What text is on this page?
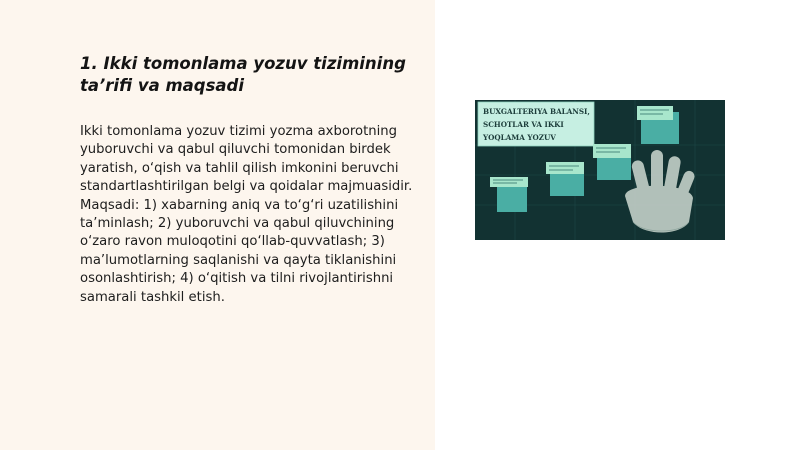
1. Ikki tomonlama yozuv tizimining ta’rifi va maqsadi

Ikki tomonlama yozuv tizimi yozma axborotning yuboruvchi va qabul qiluvchi tomonidan birdek yaratish, o‘qish va tahlil qilish imkonini beruvchi standartlashtirilgan belgi va qoidalar majmuasidir. Maqsadi: 1) xabarning aniq va to‘g‘ri uzatilishini ta’minlash; 2) yuboruvchi va qabul qiluvchining o‘zaro ravon muloqotini qo‘llab-quvvatlash; 3) ma’lumotlarning saqlanishi va qayta tiklanishini osonlashtirish; 4) o‘qitish va tilni rivojlantirishni samarali tashkil etish.

BUXGALTERIYA BALANSI,
SCHOTLAR VA IKKI
YOQLAMA YOZUV
